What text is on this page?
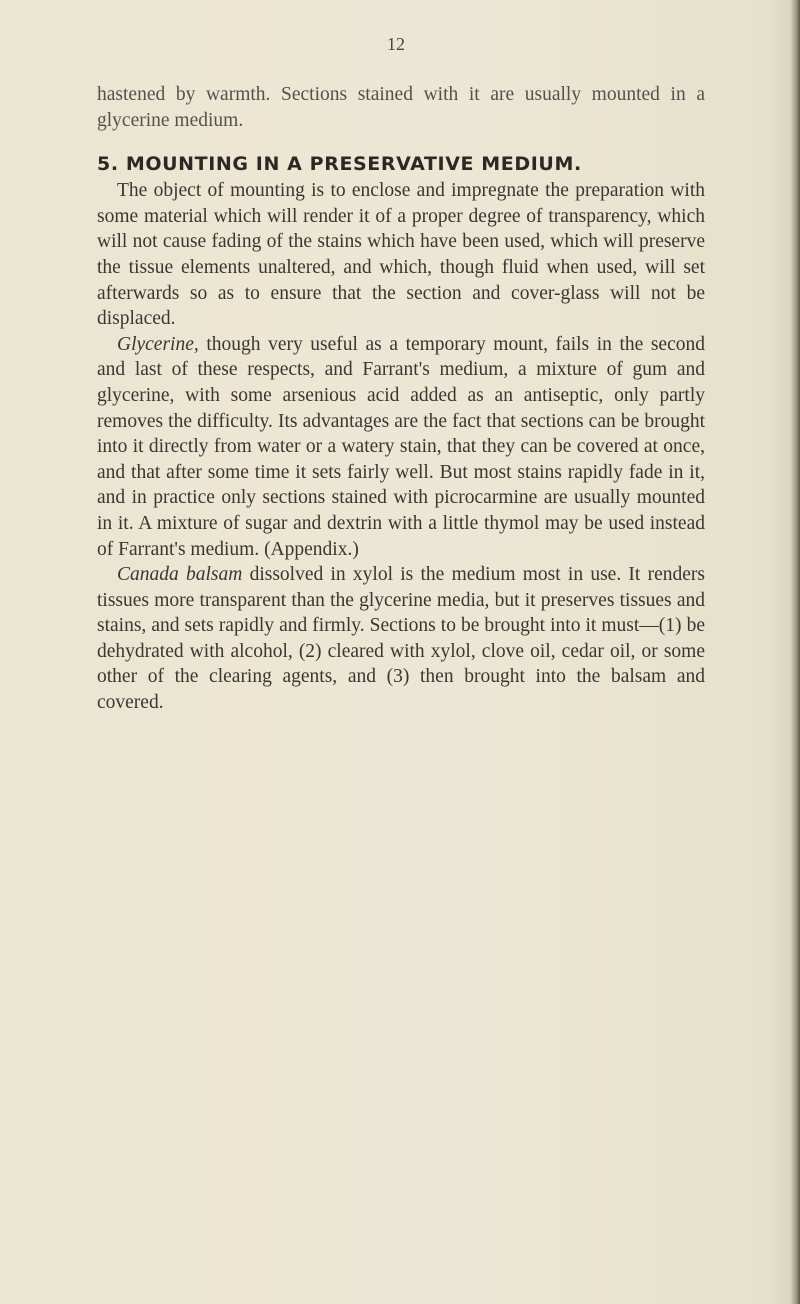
12

hastened by warmth. Sections stained with it are usually mounted in a glycerine medium.

5. MOUNTING IN A PRESERVATIVE MEDIUM.

The object of mounting is to enclose and impregnate the preparation with some material which will render it of a proper degree of transparency, which will not cause fading of the stains which have been used, which will preserve the tissue elements unaltered, and which, though fluid when used, will set afterwards so as to ensure that the section and cover-glass will not be displaced.

Glycerine, though very useful as a temporary mount, fails in the second and last of these respects, and Farrant's medium, a mixture of gum and glycerine, with some arsenious acid added as an antiseptic, only partly removes the difficulty. Its advantages are the fact that sections can be brought into it directly from water or a watery stain, that they can be covered at once, and that after some time it sets fairly well. But most stains rapidly fade in it, and in practice only sections stained with picrocarmine are usually mounted in it. A mixture of sugar and dextrin with a little thymol may be used instead of Farrant's medium. (Appendix.)

Canada balsam dissolved in xylol is the medium most in use. It renders tissues more transparent than the glycerine media, but it preserves tissues and stains, and sets rapidly and firmly. Sections to be brought into it must—(1) be dehydrated with alcohol, (2) cleared with xylol, clove oil, cedar oil, or some other of the clearing agents, and (3) then brought into the balsam and covered.
